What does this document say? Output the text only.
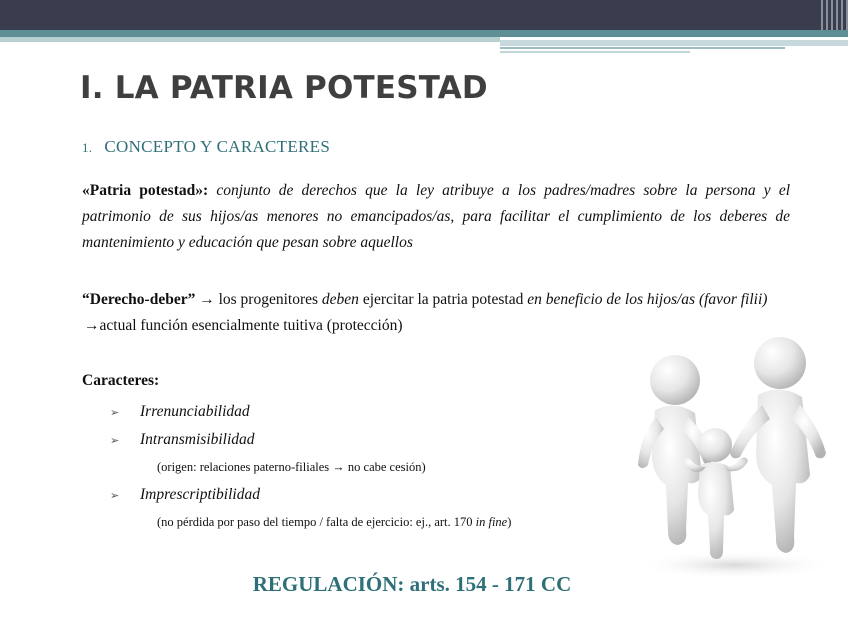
I. LA PATRIA POTESTAD

1. CONCEPTO Y CARACTERES

«Patria potestad»: conjunto de derechos que la ley atribuye a los padres/madres sobre la persona y el patrimonio de sus hijos/as menores no emancipados/as, para facilitar el cumplimiento de los deberes de mantenimiento y educación que pesan sobre aquellos

“Derecho-deber” → los progenitores deben ejercitar la patria potestad en beneficio de los hijos/as (favor filii)

→actual función esencialmente tuitiva (protección)

Caracteres:

➢	Irrenunciabilidad
➢	Intransmisibilidad
(origen: relaciones paterno-filiales → no cabe cesión)
➢	Imprescriptibilidad
(no pérdida por paso del tiempo / falta de ejercicio: ej., art. 170 in fine)

REGULACIÓN: arts. 154 - 171 CC
